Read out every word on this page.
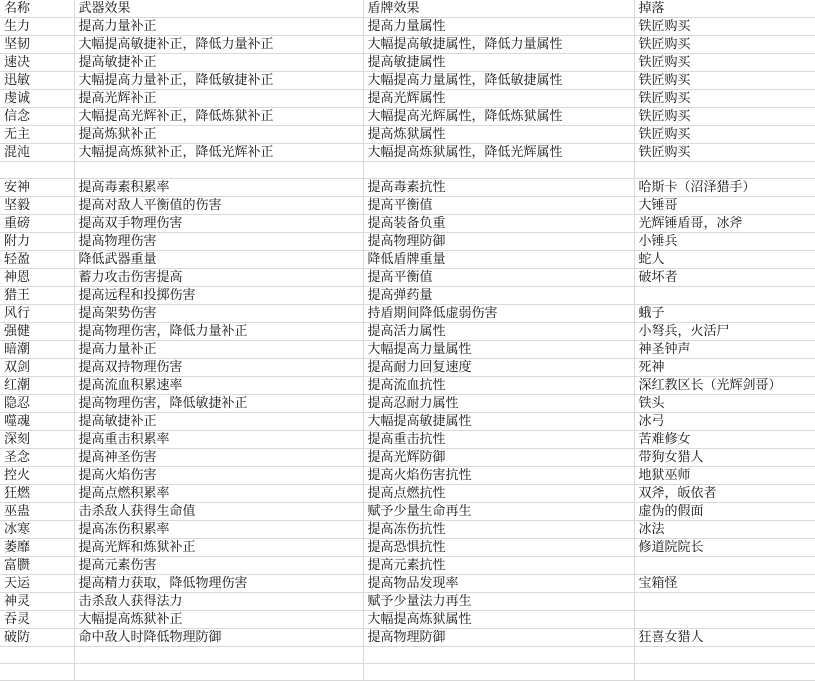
名称	武器效果	盾牌效果	掉落
生力	提高力量补正	提高力量属性	铁匠购买
坚韧	大幅提高敏捷补正，降低力量补正	大幅提高敏捷属性，降低力量属性	铁匠购买
速决	提高敏捷补正	提高敏捷属性	铁匠购买
迅敏	大幅提高力量补正，降低敏捷补正	大幅提高力量属性，降低敏捷属性	铁匠购买
虔诚	提高光辉补正	提高光辉属性	铁匠购买
信念	大幅提高光辉补正，降低炼狱补正	大幅提高光辉属性，降低炼狱属性	铁匠购买
无主	提高炼狱补正	提高炼狱属性	铁匠购买
混沌	大幅提高炼狱补正，降低光辉补正	大幅提高炼狱属性，降低光辉属性	铁匠购买

安神	提高毒素积累率	提高毒素抗性	哈斯卡（沼泽猎手）
坚毅	提高对敌人平衡值的伤害	提高平衡值	大锤哥
重磅	提高双手物理伤害	提高装备负重	光辉锤盾哥，冰斧
附力	提高物理伤害	提高物理防御	小锤兵
轻盈	降低武器重量	降低盾牌重量	蛇人
神恩	蓄力攻击伤害提高	提高平衡值	破坏者
猎王	提高远程和投掷伤害	提高弹药量	
风行	提高架势伤害	持盾期间降低虚弱伤害	蛾子
强健	提高物理伤害，降低力量补正	提高活力属性	小弩兵，火活尸
暗潮	提高力量补正	大幅提高力量属性	神圣钟声
双剑	提高双持物理伤害	提高耐力回复速度	死神
红潮	提高流血积累速率	提高流血抗性	深红教区长（光辉剑哥）
隐忍	提高物理伤害，降低敏捷补正	提高忍耐力属性	铁头
噬魂	提高敏捷补正	大幅提高敏捷属性	冰弓
深刻	提高重击积累率	提高重击抗性	苦难修女
圣念	提高神圣伤害	提高光辉防御	带狗女猎人
控火	提高火焰伤害	提高火焰伤害抗性	地狱巫师
狂燃	提高点燃积累率	提高点燃抗性	双斧，皈依者
巫蛊	击杀敌人获得生命值	赋予少量生命再生	虚伪的假面
冰寒	提高冻伤积累率	提高冻伤抗性	冰法
萎靡	提高光辉和炼狱补正	提高恐惧抗性	修道院院长
富臜	提高元素伤害	提高元素抗性	
天运	提高精力获取，降低物理伤害	提高物品发现率	宝箱怪
神灵	击杀敌人获得法力	赋予少量法力再生	
吞灵	大幅提高炼狱补正	大幅提高炼狱属性	
破防	命中敌人时降低物理防御	提高物理防御	狂喜女猎人
